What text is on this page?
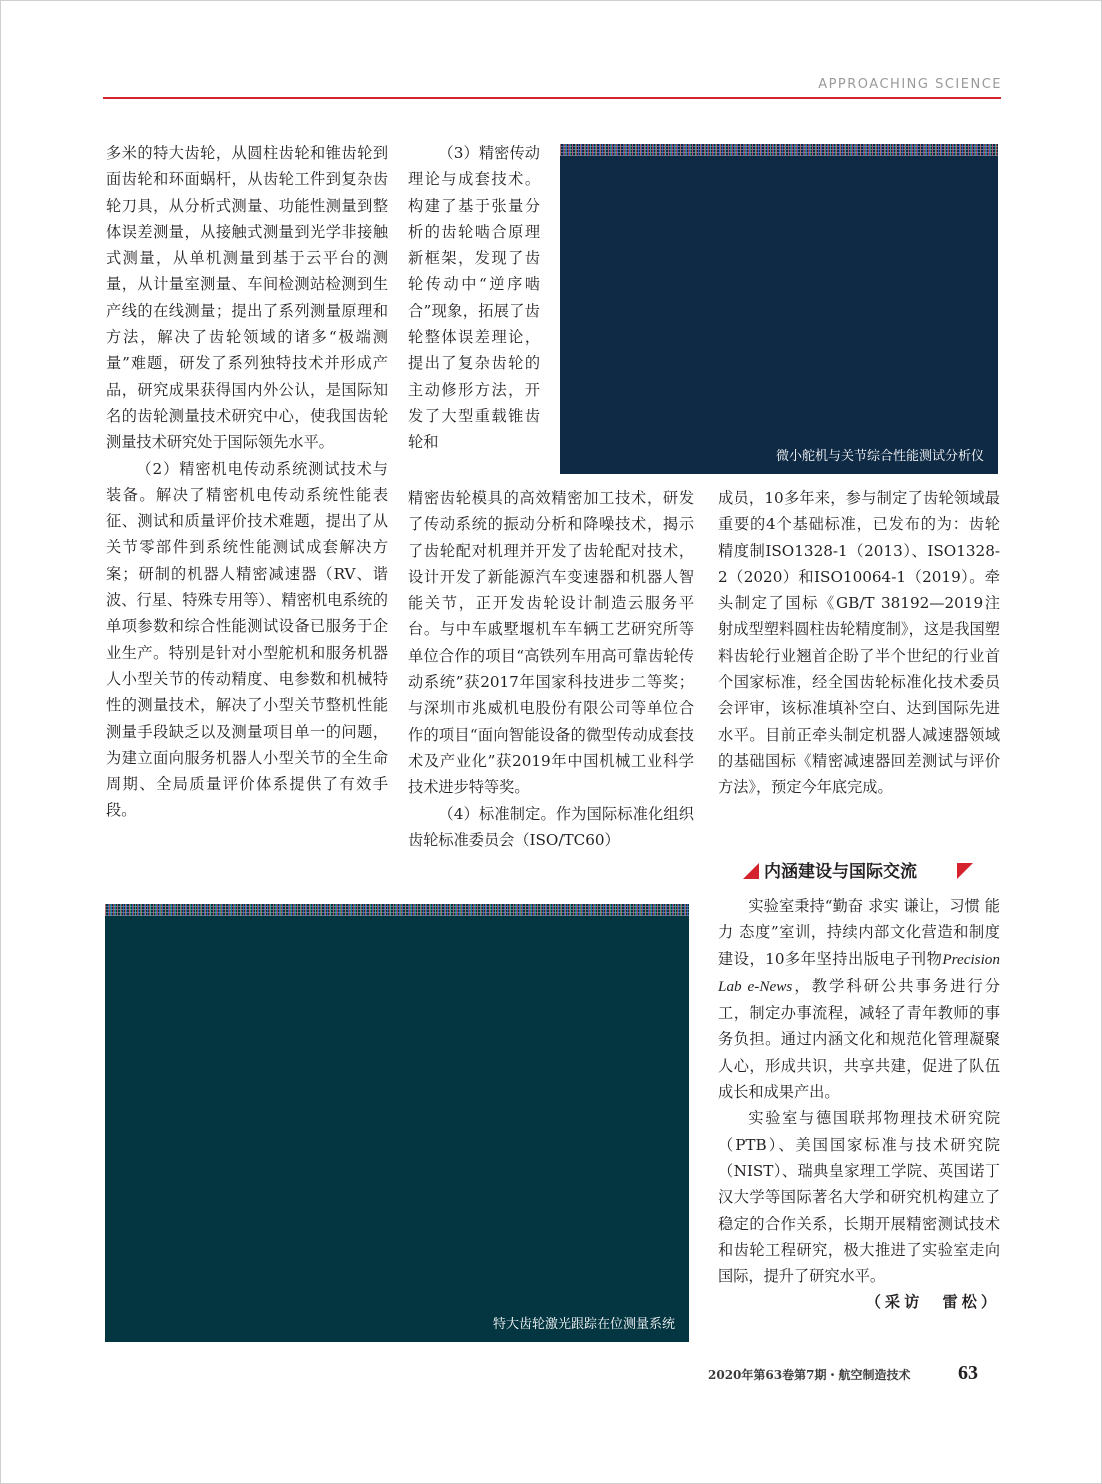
APPROACHING SCIENCE

多米的特大齿轮，从圆柱齿轮和锥齿轮到面齿轮和环面蜗杆，从齿轮工件到复杂齿轮刀具，从分析式测量、功能性测量到整体误差测量，从接触式测量到光学非接触式测量，从单机测量到基于云平台的测量，从计量室测量、车间检测站检测到生产线的在线测量；提出了系列测量原理和方法，解决了齿轮领域的诸多“极端测量”难题，研发了系列独特技术并形成产品，研究成果获得国内外公认，是国际知名的齿轮测量技术研究中心，使我国齿轮测量技术研究处于国际领先水平。

（2）精密机电传动系统测试技术与装备。解决了精密机电传动系统性能表征、测试和质量评价技术难题，提出了从关节零部件到系统性能测试成套解决方案；研制的机器人精密减速器（RV、谐波、行星、特殊专用等）、精密机电系统的单项参数和综合性能测试设备已服务于企业生产。特别是针对小型舵机和服务机器人小型关节的传动精度、电参数和机械特性的测量技术，解决了小型关节整机性能测量手段缺乏以及测量项目单一的问题，为建立面向服务机器人小型关节的全生命周期、全局质量评价体系提供了有效手段。

（3）精密传动理论与成套技术。构建了基于张量分析的齿轮啮合原理新框架，发现了齿轮传动中“逆序啮合”现象，拓展了齿轮整体误差理论，提出了复杂齿轮的主动修形方法，开发了大型重载锥齿轮和

微小舵机与关节综合性能测试分析仪

精密齿轮模具的高效精密加工技术，研发了传动系统的振动分析和降噪技术，揭示了齿轮配对机理并开发了齿轮配对技术，设计开发了新能源汽车变速器和机器人智能关节，正开发齿轮设计制造云服务平台。与中车戚墅堰机车车辆工艺研究所等单位合作的项目“高铁列车用高可靠齿轮传动系统”获2017年国家科技进步二等奖；与深圳市兆威机电股份有限公司等单位合作的项目“面向智能设备的微型传动成套技术及产业化”获2019年中国机械工业科学技术进步特等奖。

（4）标准制定。作为国际标准化组织齿轮标准委员会（ISO/TC60）

成员，10多年来，参与制定了齿轮领域最重要的4个基础标准，已发布的为：齿轮精度制ISO1328-1（2013）、ISO1328-2（2020）和ISO10064-1（2019）。牵头制定了国标《GB/T 38192—2019注射成型塑料圆柱齿轮精度制》，这是我国塑料齿轮行业翘首企盼了半个世纪的行业首个国家标准，经全国齿轮标准化技术委员会评审，该标准填补空白、达到国际先进水平。目前正牵头制定机器人减速器领域的基础国标《精密减速器回差测试与评价方法》，预定今年底完成。

内涵建设与国际交流

实验室秉持“勤奋 求实 谦让，习惯 能力 态度”室训，持续内部文化营造和制度建设，10多年坚持出版电子刊物Precision Lab e-News，教学科研公共事务进行分工，制定办事流程，减轻了青年教师的事务负担。通过内涵文化和规范化管理凝聚人心，形成共识，共享共建，促进了队伍成长和成果产出。

实验室与德国联邦物理技术研究院（PTB）、美国国家标准与技术研究院（NIST）、瑞典皇家理工学院、英国诺丁汉大学等国际著名大学和研究机构建立了稳定的合作关系，长期开展精密测试技术和齿轮工程研究，极大推进了实验室走向国际，提升了研究水平。
（采访　雷松）

特大齿轮激光跟踪在位测量系统
2020年第63卷第7期・航空制造技术 63
